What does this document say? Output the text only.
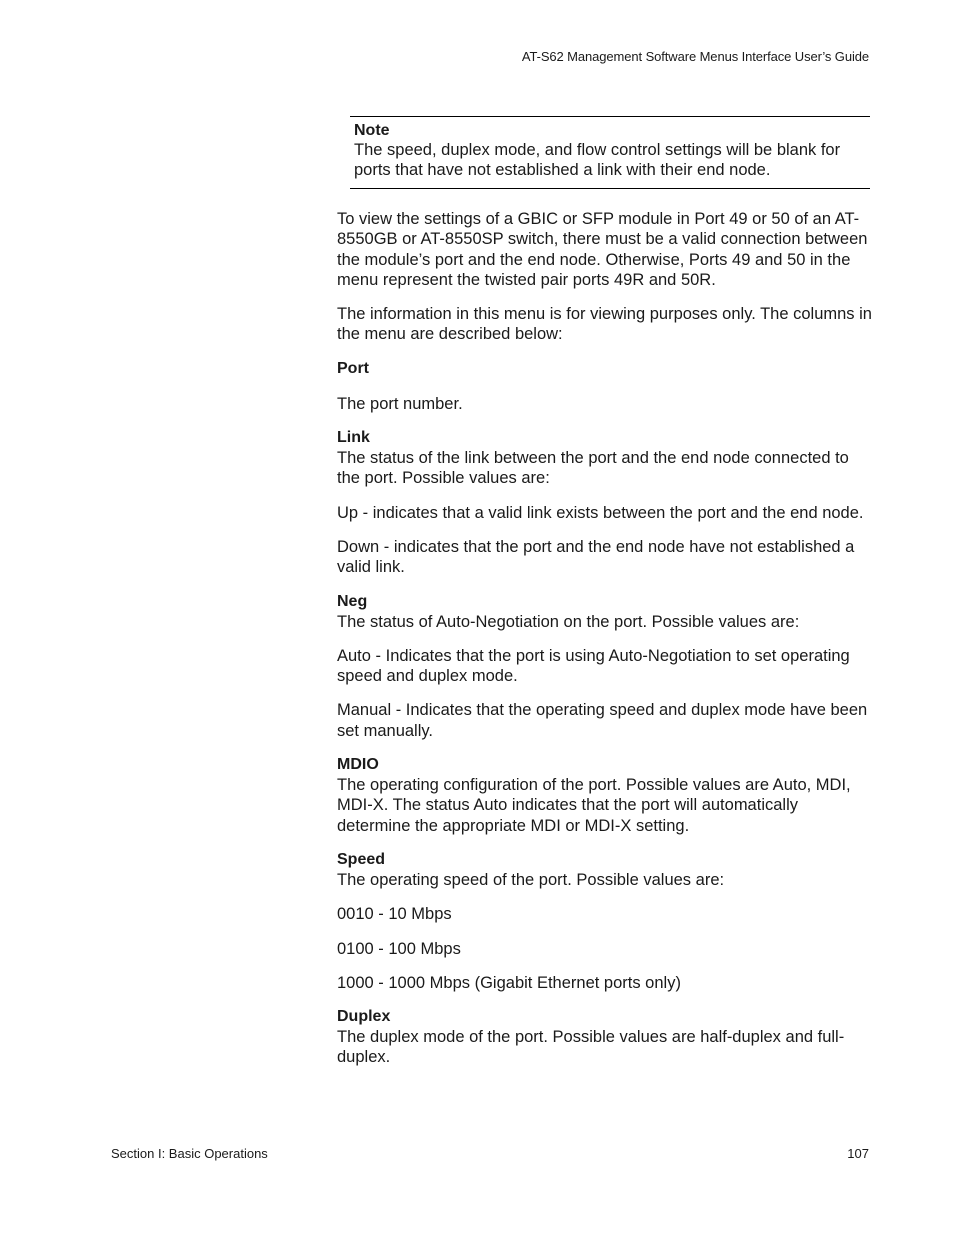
AT-S62 Management Software Menus Interface User’s Guide
Note
The speed, duplex mode, and flow control settings will be blank for ports that have not established a link with their end node.

To view the settings of a GBIC or SFP module in Port 49 or 50 of an AT-8550GB or AT-8550SP switch, there must be a valid connection between the module’s port and the end node. Otherwise, Ports 49 and 50 in the menu represent the twisted pair ports 49R and 50R.

The information in this menu is for viewing purposes only. The columns in the menu are described below:

Port

The port number.

Link

The status of the link between the port and the end node connected to the port. Possible values are:

Up - indicates that a valid link exists between the port and the end node.

Down - indicates that the port and the end node have not established a valid link.

Neg

The status of Auto-Negotiation on the port. Possible values are:

Auto - Indicates that the port is using Auto-Negotiation to set operating speed and duplex mode.

Manual - Indicates that the operating speed and duplex mode have been set manually.

MDIO

The operating configuration of the port. Possible values are Auto, MDI, MDI-X. The status Auto indicates that the port will automatically determine the appropriate MDI or MDI-X setting.

Speed

The operating speed of the port. Possible values are:

0010 - 10 Mbps

0100 - 100 Mbps

1000 - 1000 Mbps (Gigabit Ethernet ports only)

Duplex

The duplex mode of the port. Possible values are half-duplex and full-duplex.

Section I: Basic Operations	107
